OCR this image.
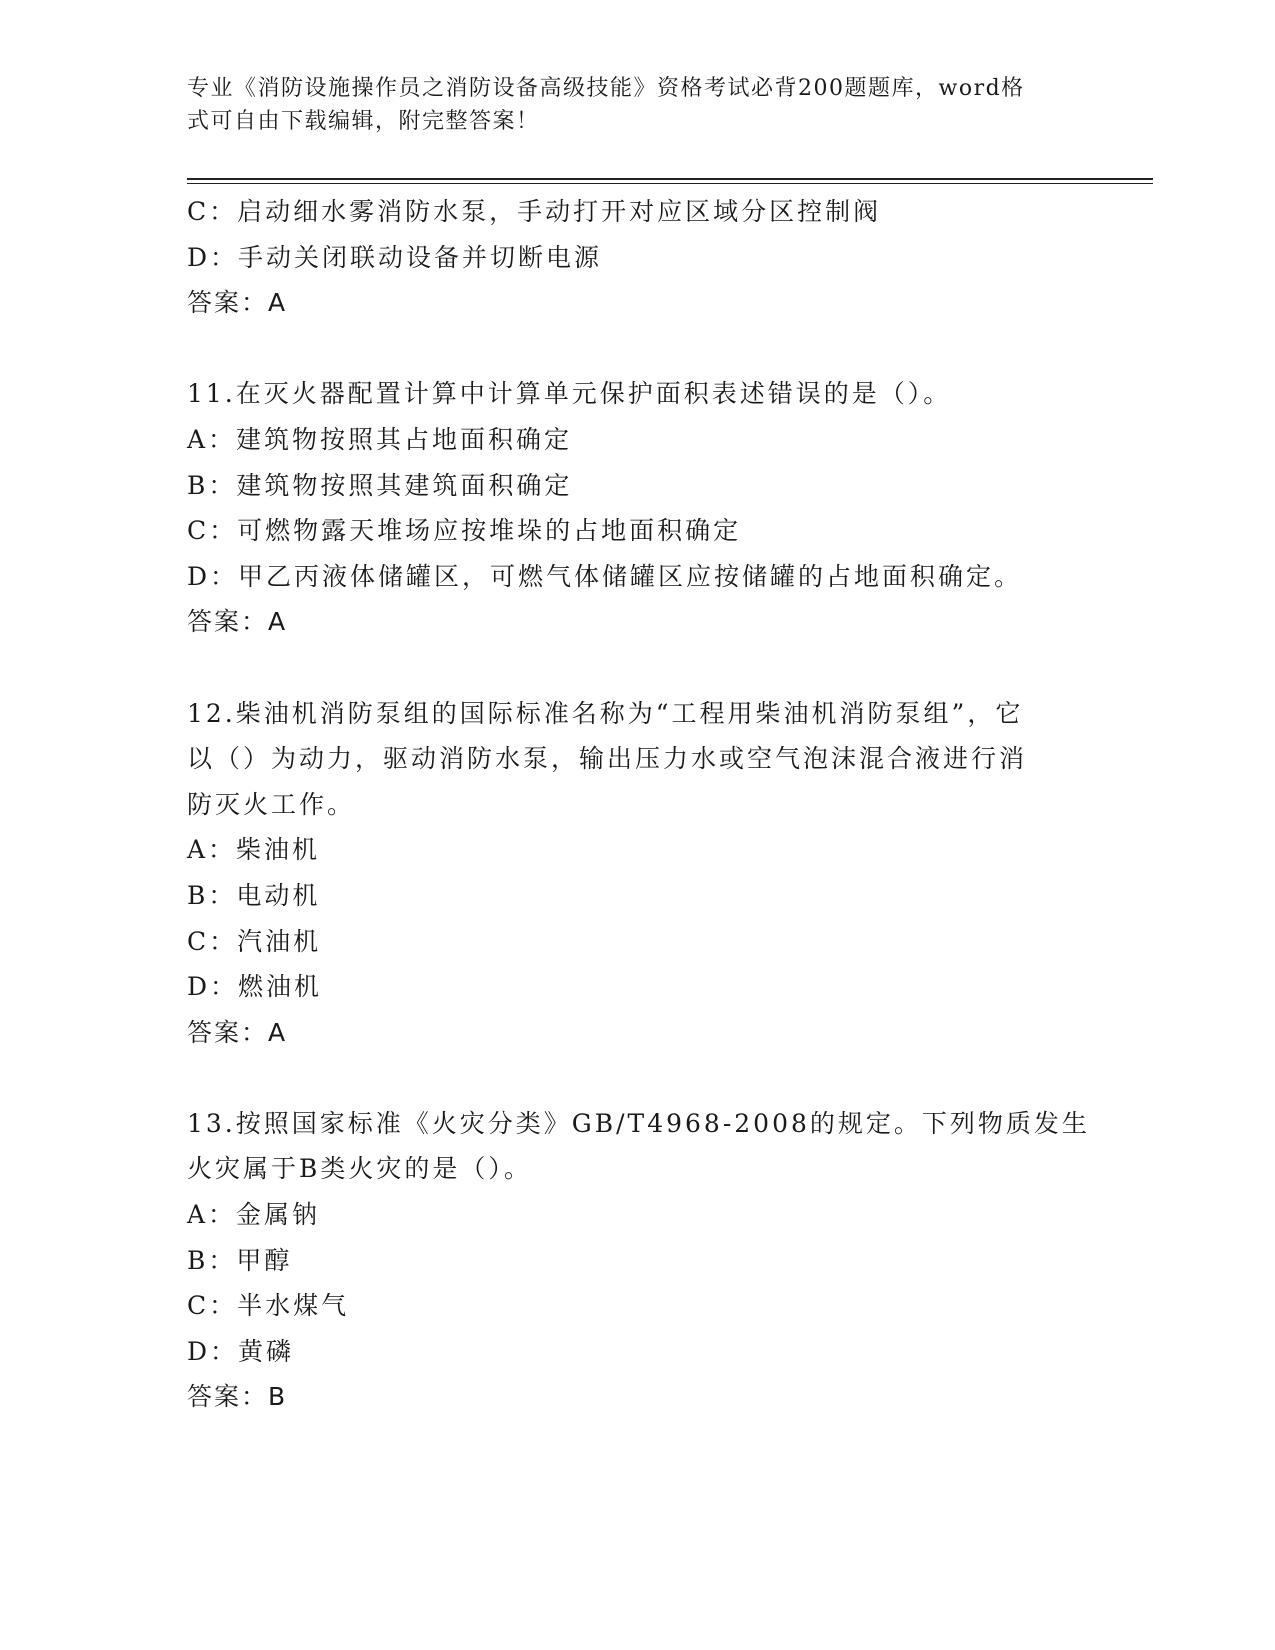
专业《消防设施操作员之消防设备高级技能》资格考试必背200题题库，word格
式可自由下载编辑，附完整答案！
C：启动细水雾消防水泵，手动打开对应区域分区控制阀
D：手动关闭联动设备并切断电源
答案：A
11.在灭火器配置计算中计算单元保护面积表述错误的是（）。
A：建筑物按照其占地面积确定
B：建筑物按照其建筑面积确定
C：可燃物露天堆场应按堆垛的占地面积确定
D：甲乙丙液体储罐区，可燃气体储罐区应按储罐的占地面积确定。
答案：A
12.柴油机消防泵组的国际标准名称为“工程用柴油机消防泵组”，它
以（）为动力，驱动消防水泵，输出压力水或空气泡沫混合液进行消
防灭火工作。
A：柴油机
B：电动机
C：汽油机
D：燃油机
答案：A
13.按照国家标准《火灾分类》GB/T4968-2008的规定。下列物质发生
火灾属于B类火灾的是（）。
A：金属钠
B：甲醇
C：半水煤气
D：黄磷
答案：B
